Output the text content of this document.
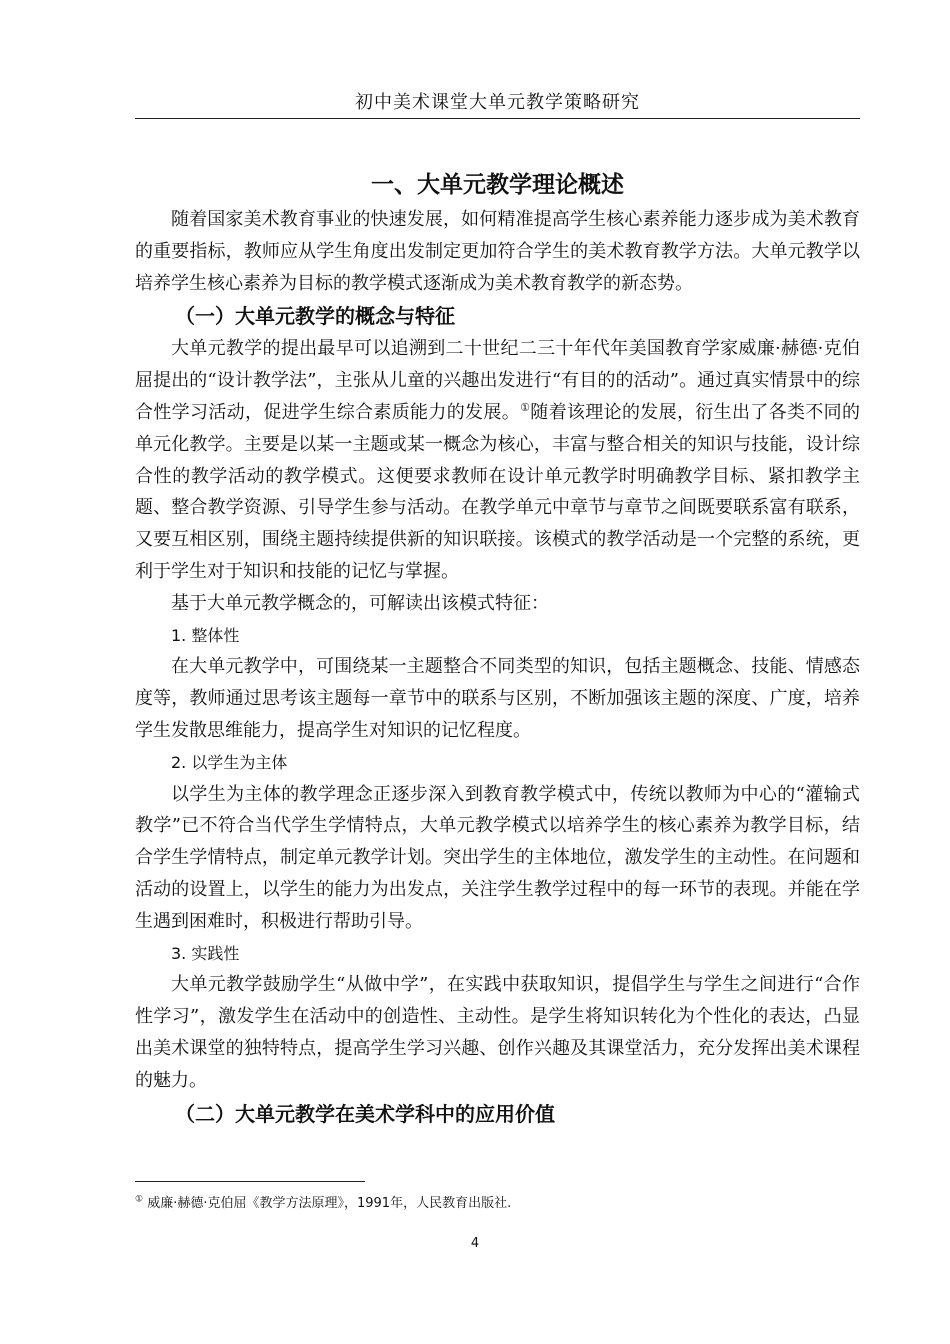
初中美术课堂大单元教学策略研究
一、大单元教学理论概述

随着国家美术教育事业的快速发展，如何精准提高学生核心素养能力逐步成为美术教育的重要指标，教师应从学生角度出发制定更加符合学生的美术教育教学方法。大单元教学以培养学生核心素养为目标的教学模式逐渐成为美术教育教学的新态势。

（一）大单元教学的概念与特征

大单元教学的提出最早可以追溯到二十世纪二三十年代年美国教育学家威廉·赫德·克伯屈提出的“设计教学法”，主张从儿童的兴趣出发进行“有目的的活动”。通过真实情景中的综合性学习活动，促进学生综合素质能力的发展。①随着该理论的发展，衍生出了各类不同的单元化教学。主要是以某一主题或某一概念为核心，丰富与整合相关的知识与技能，设计综合性的教学活动的教学模式。这便要求教师在设计单元教学时明确教学目标、紧扣教学主题、整合教学资源、引导学生参与活动。在教学单元中章节与章节之间既要联系富有联系，又要互相区别，围绕主题持续提供新的知识联接。该模式的教学活动是一个完整的系统，更利于学生对于知识和技能的记忆与掌握。

基于大单元教学概念的，可解读出该模式特征：

1. 整体性

在大单元教学中，可围绕某一主题整合不同类型的知识，包括主题概念、技能、情感态度等，教师通过思考该主题每一章节中的联系与区别，不断加强该主题的深度、广度，培养学生发散思维能力，提高学生对知识的记忆程度。

2. 以学生为主体

以学生为主体的教学理念正逐步深入到教育教学模式中，传统以教师为中心的“灌输式教学”已不符合当代学生学情特点，大单元教学模式以培养学生的核心素养为教学目标，结合学生学情特点，制定单元教学计划。突出学生的主体地位，激发学生的主动性。在问题和活动的设置上，以学生的能力为出发点，关注学生教学过程中的每一环节的表现。并能在学生遇到困难时，积极进行帮助引导。

3. 实践性

大单元教学鼓励学生“从做中学”，在实践中获取知识，提倡学生与学生之间进行“合作性学习”，激发学生在活动中的创造性、主动性。是学生将知识转化为个性化的表达，凸显出美术课堂的独特特点，提高学生学习兴趣、创作兴趣及其课堂活力，充分发挥出美术课程的魅力。

（二）大单元教学在美术学科中的应用价值
① 威廉·赫德·克伯屈《教学方法原理》，1991年，人民教育出版社.
4
